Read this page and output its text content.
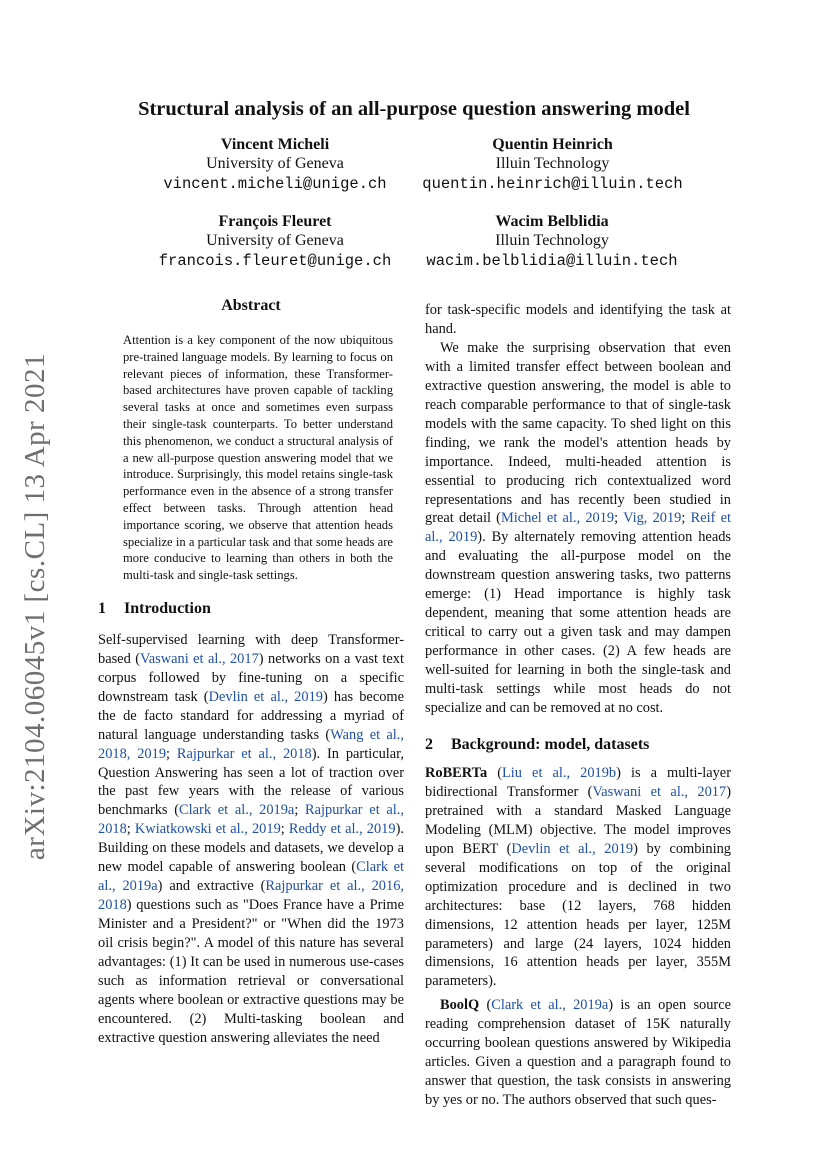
arXiv:2104.06045v1 [cs.CL] 13 Apr 2021
Structural analysis of an all-purpose question answering model
Vincent Micheli
University of Geneva
vincent.micheli@unige.ch
Quentin Heinrich
Illuin Technology
quentin.heinrich@illuin.tech
François Fleuret
University of Geneva
francois.fleuret@unige.ch
Wacim Belblidia
Illuin Technology
wacim.belblidia@illuin.tech
Abstract

Attention is a key component of the now ubiquitous pre-trained language models. By learning to focus on relevant pieces of information, these Transformer-based architectures have proven capable of tackling several tasks at once and sometimes even surpass their single-task counterparts. To better understand this phenomenon, we conduct a structural analysis of a new all-purpose question answering model that we introduce. Surprisingly, this model retains single-task performance even in the absence of a strong transfer effect between tasks. Through attention head importance scoring, we observe that attention heads specialize in a particular task and that some heads are more conducive to learning than others in both the multi-task and single-task settings.

1 Introduction

Self-supervised learning with deep Transformer-based (Vaswani et al., 2017) networks on a vast text corpus followed by fine-tuning on a specific downstream task (Devlin et al., 2019) has become the de facto standard for addressing a myriad of natural language understanding tasks (Wang et al., 2018, 2019; Rajpurkar et al., 2018). In particular, Question Answering has seen a lot of traction over the past few years with the release of various benchmarks (Clark et al., 2019a; Rajpurkar et al., 2018; Kwiatkowski et al., 2019; Reddy et al., 2019). Building on these models and datasets, we develop a new model capable of answering boolean (Clark et al., 2019a) and extractive (Rajpurkar et al., 2016, 2018) questions such as "Does France have a Prime Minister and a President?" or "When did the 1973 oil crisis begin?". A model of this nature has several advantages: (1) It can be used in numerous use-cases such as information retrieval or conversational agents where boolean or extractive questions may be encountered. (2) Multi-tasking boolean and extractive question answering alleviates the need

for task-specific models and identifying the task at hand.

We make the surprising observation that even with a limited transfer effect between boolean and extractive question answering, the model is able to reach comparable performance to that of single-task models with the same capacity. To shed light on this finding, we rank the model's attention heads by importance. Indeed, multi-headed attention is essential to producing rich contextualized word representations and has recently been studied in great detail (Michel et al., 2019; Vig, 2019; Reif et al., 2019). By alternately removing attention heads and evaluating the all-purpose model on the downstream question answering tasks, two patterns emerge: (1) Head importance is highly task dependent, meaning that some attention heads are critical to carry out a given task and may dampen performance in other cases. (2) A few heads are well-suited for learning in both the single-task and multi-task settings while most heads do not specialize and can be removed at no cost.

2 Background: model, datasets

RoBERTa (Liu et al., 2019b) is a multi-layer bidirectional Transformer (Vaswani et al., 2017) pretrained with a standard Masked Language Modeling (MLM) objective. The model improves upon BERT (Devlin et al., 2019) by combining several modifications on top of the original optimization procedure and is declined in two architectures: base (12 layers, 768 hidden dimensions, 12 attention heads per layer, 125M parameters) and large (24 layers, 1024 hidden dimensions, 16 attention heads per layer, 355M parameters).

BoolQ (Clark et al., 2019a) is an open source reading comprehension dataset of 15K naturally occurring boolean questions answered by Wikipedia articles. Given a question and a paragraph found to answer that question, the task consists in answering by yes or no. The authors observed that such ques-
